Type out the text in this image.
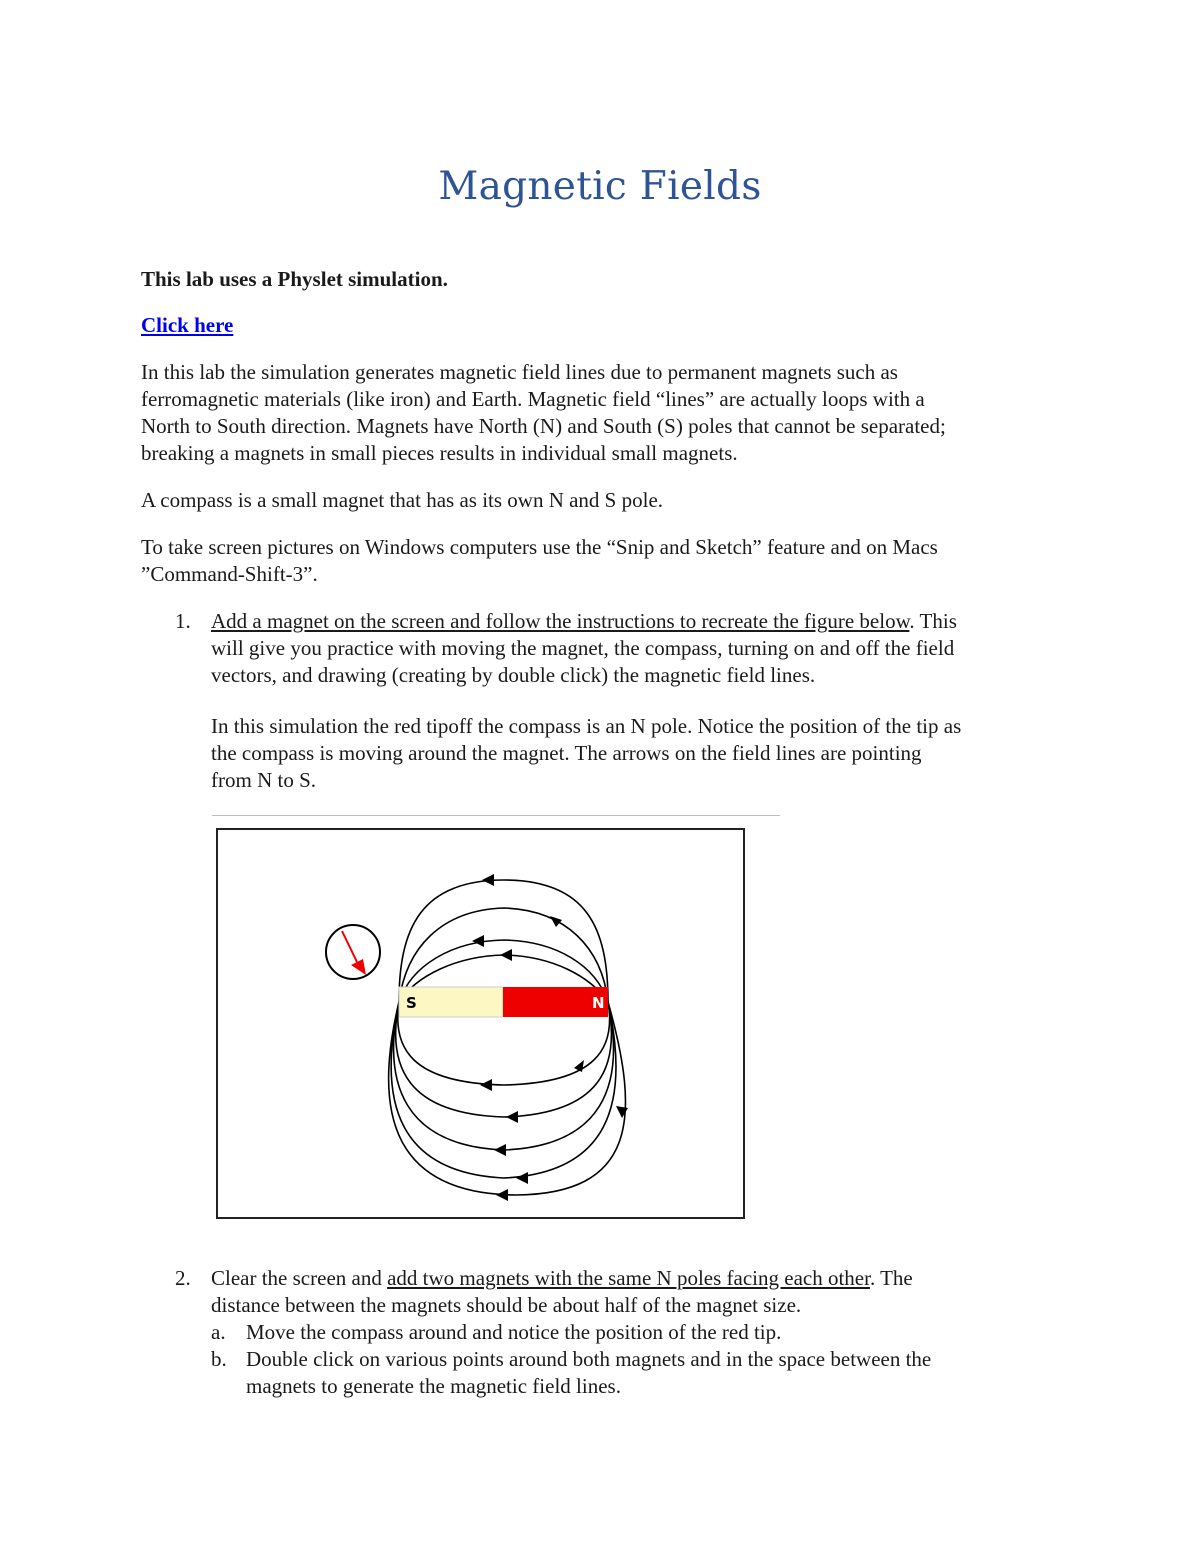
Magnetic Fields

This lab uses a Physlet simulation.

Click here

In this lab the simulation generates magnetic field lines due to permanent magnets such as

ferromagnetic materials (like iron) and Earth. Magnetic field “lines” are actually loops with a

North to South direction. Magnets have North (N) and South (S) poles that cannot be separated;

breaking a magnets in small pieces results in individual small magnets.

A compass is a small magnet that has as its own N and S pole.

To take screen pictures on Windows computers use the “Snip and Sketch” feature and on Macs

”Command-Shift-3”.

1. Add a magnet on the screen and follow the instructions to recreate the figure below. This

will give you practice with moving the magnet, the compass, turning on and off the field

vectors, and drawing (creating by double click) the magnetic field lines.

In this simulation the red tipoff the compass is an N pole. Notice the position of the tip as

the compass is moving around the magnet. The arrows on the field lines are pointing

from N to S.

S	N
2. Clear the screen and add two magnets with the same N poles facing each other. The

distance between the magnets should be about half of the magnet size.

a. Move the compass around and notice the position of the red tip.

b. Double click on various points around both magnets and in the space between the

magnets to generate the magnetic field lines.
